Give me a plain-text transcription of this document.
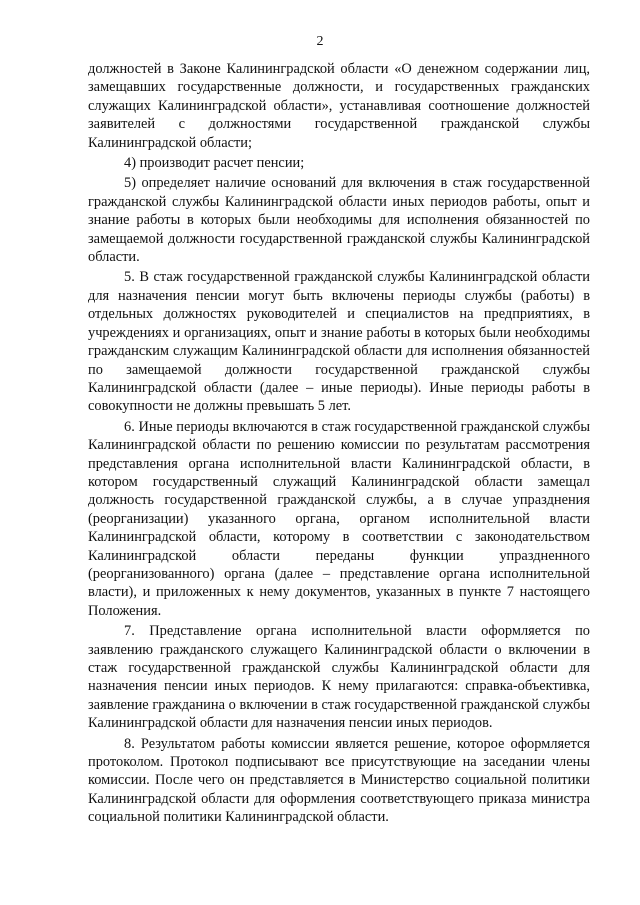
2

должностей в Законе Калининградской области «О денежном содержании лиц, замещавших государственные должности, и государственных гражданских служащих Калининградской области», устанавливая соотношение должностей заявителей с должностями государственной гражданской службы Калининградской области;

4) производит расчет пенсии;

5) определяет наличие оснований для включения в стаж государственной гражданской службы Калининградской области иных периодов работы, опыт и знание работы в которых были необходимы для исполнения обязанностей по замещаемой должности государственной гражданской службы Калининградской области.

5. В стаж государственной гражданской службы Калининградской области для назначения пенсии могут быть включены периоды службы (работы) в отдельных должностях руководителей и специалистов на предприятиях, в учреждениях и организациях, опыт и знание работы в которых были необходимы гражданским служащим Калининградской области для исполнения обязанностей по замещаемой должности государственной гражданской службы Калининградской области (далее – иные периоды). Иные периоды работы в совокупности не должны превышать 5 лет.

6. Иные периоды включаются в стаж государственной гражданской службы Калининградской области по решению комиссии по результатам рассмотрения представления органа исполнительной власти Калининградской области, в котором государственный служащий Калининградской области замещал должность государственной гражданской службы, а в случае упразднения (реорганизации) указанного органа, органом исполнительной власти Калининградской области, которому в соответствии с законодательством Калининградской области переданы функции упраздненного (реорганизованного) органа (далее – представление органа исполнительной власти), и приложенных к нему документов, указанных в пункте 7 настоящего Положения.

7. Представление органа исполнительной власти оформляется по заявлению гражданского служащего Калининградской области о включении в стаж государственной гражданской службы Калининградской области для назначения пенсии иных периодов. К нему прилагаются: справка-объективка, заявление гражданина о включении в стаж государственной гражданской службы Калининградской области для назначения пенсии иных периодов.

8. Результатом работы комиссии является решение, которое оформляется протоколом. Протокол подписывают все присутствующие на заседании члены комиссии. После чего он представляется в Министерство социальной политики Калининградской области для оформления соответствующего приказа министра социальной политики Калининградской области.
